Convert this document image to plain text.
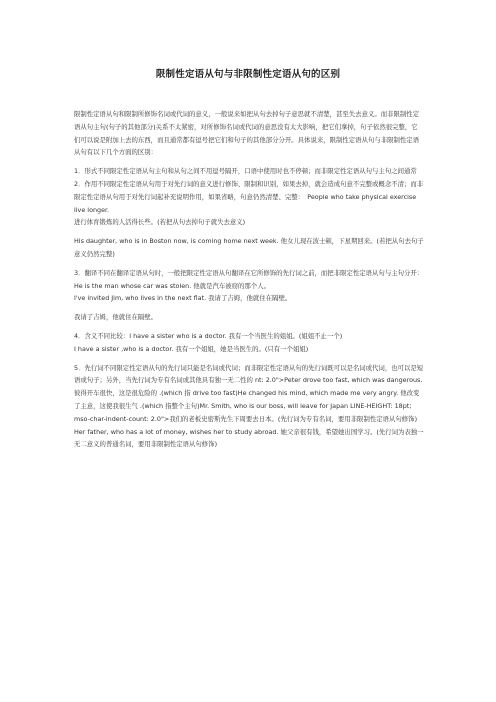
限制性定语从句与非限制性定语从句的区别

限制性定语从句和限制所修饰名词或代词的意义，一般说来如把从句去掉句子意思就不清楚，甚至失去意义。而非限制性定语从句主句(句子的其他部分)关系不太紧密，对所修饰名词或代词的意思没有太大影响，把它们拿掉，句子依然很完整，它们可以说是附加上去的东西，而且通常都有逗号把它们和句子的其他部分分开。具体说来，限制性定语从句与非限制性定语从句有以下几个方面的区别：

1．形式不同限定性定语从句主句和从句之间不用逗号隔开，口语中使用时也不停顿；而非限定性定语从句与主句之间通常　2．作用不同限定性定语从句用于对先行词的意义进行修饰、限制和识别，如果去掉，就会造成句意不完整或概念不清；而非限定性定语从句用于对先行词起补充说明作用，如果省略，句意仍然清楚、完整：　People who take physical exercise live longer.

进行体育锻炼的人活得长些。(若把从句去掉句子就失去意义)

His daughter, who is in Boston now, is coming home next week. 他女儿现在波士顿，下星期回来。(若把从句去句子意义仍然完整)

3．翻译不同在翻译定语从句时，一般把限定性定语从句翻译在它所修饰的先行词之前，而把非限定性定语从句与主句分开：He is the man whose car was stolen. 他就是汽车被窃的那个人。

I've invited Jim, who lives in the next flat. 我请了吉姆，他就住在隔壁。

我请了吉姆，他就住在隔壁。

4．含义不同比较：I have a sister who is a doctor. 我有一个当医生的姐姐。(姐姐不止一个)

I have a sister ,who is a doctor. 我有一个姐姐，她是当医生的。(只有一个姐姐)

5．先行词不同限定性定语从句的先行词只能是名词或代词；而非限定性定语从句的先行词既可以是名词或代词，也可以是短语或句子；另外，当先行词为专有名词或其他具有独一无二性的 nt: 2.0">Peter drove too fast, which was dangerous. 彼得开车很快，这是很危险的 .(which 指 drive too fast)He changed his mind, which made me very angry. 他改变了主意，这使我很生气 .(which 指整个主句)Mr. Smith, who is our boss, will leave for Japan LINE-HEIGHT: 18pt; mso-char-indent-count: 2.0">我们的老板史密斯先生下周要去日本。(先行词为专有名词，要用非限制性定语从句修饰)

Her father, who has a lot of money, wishes her to study abroad. 她父亲很有钱，希望她出国学习。(先行词为表独一无二意义的普通名词，要用非限制性定语从句修饰)
